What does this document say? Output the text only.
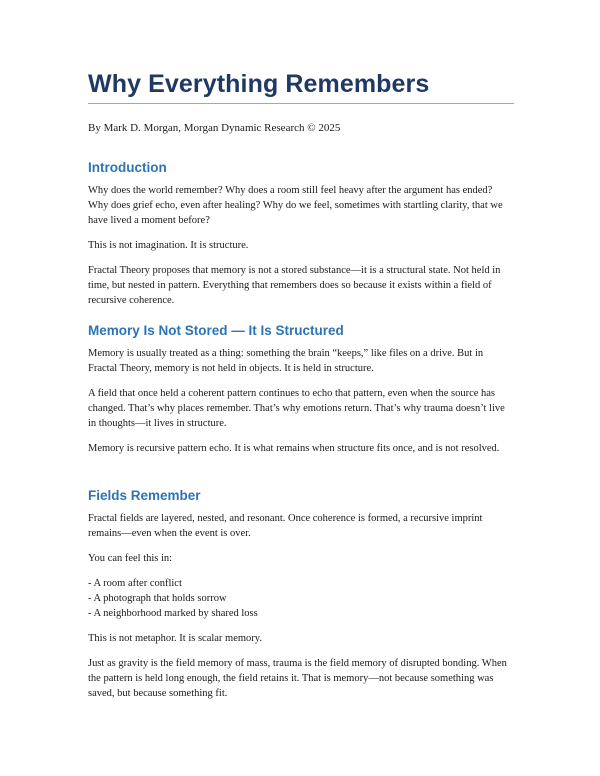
Why Everything Remembers

By Mark D. Morgan, Morgan Dynamic Research © 2025

Introduction

Why does the world remember? Why does a room still feel heavy after the argument has ended? Why does grief echo, even after healing? Why do we feel, sometimes with startling clarity, that we have lived a moment before?

This is not imagination. It is structure.

Fractal Theory proposes that memory is not a stored substance—it is a structural state. Not held in time, but nested in pattern. Everything that remembers does so because it exists within a field of recursive coherence.

Memory Is Not Stored — It Is Structured

Memory is usually treated as a thing: something the brain “keeps,” like files on a drive. But in Fractal Theory, memory is not held in objects. It is held in structure.

A field that once held a coherent pattern continues to echo that pattern, even when the source has changed. That’s why places remember. That’s why emotions return. That’s why trauma doesn’t live in thoughts—it lives in structure.

Memory is recursive pattern echo. It is what remains when structure fits once, and is not resolved.

Fields Remember

Fractal fields are layered, nested, and resonant. Once coherence is formed, a recursive imprint remains—even when the event is over.

You can feel this in:

- A room after conflict
- A photograph that holds sorrow
- A neighborhood marked by shared loss

This is not metaphor. It is scalar memory.

Just as gravity is the field memory of mass, trauma is the field memory of disrupted bonding. When the pattern is held long enough, the field retains it. That is memory—not because something was saved, but because something fit.
